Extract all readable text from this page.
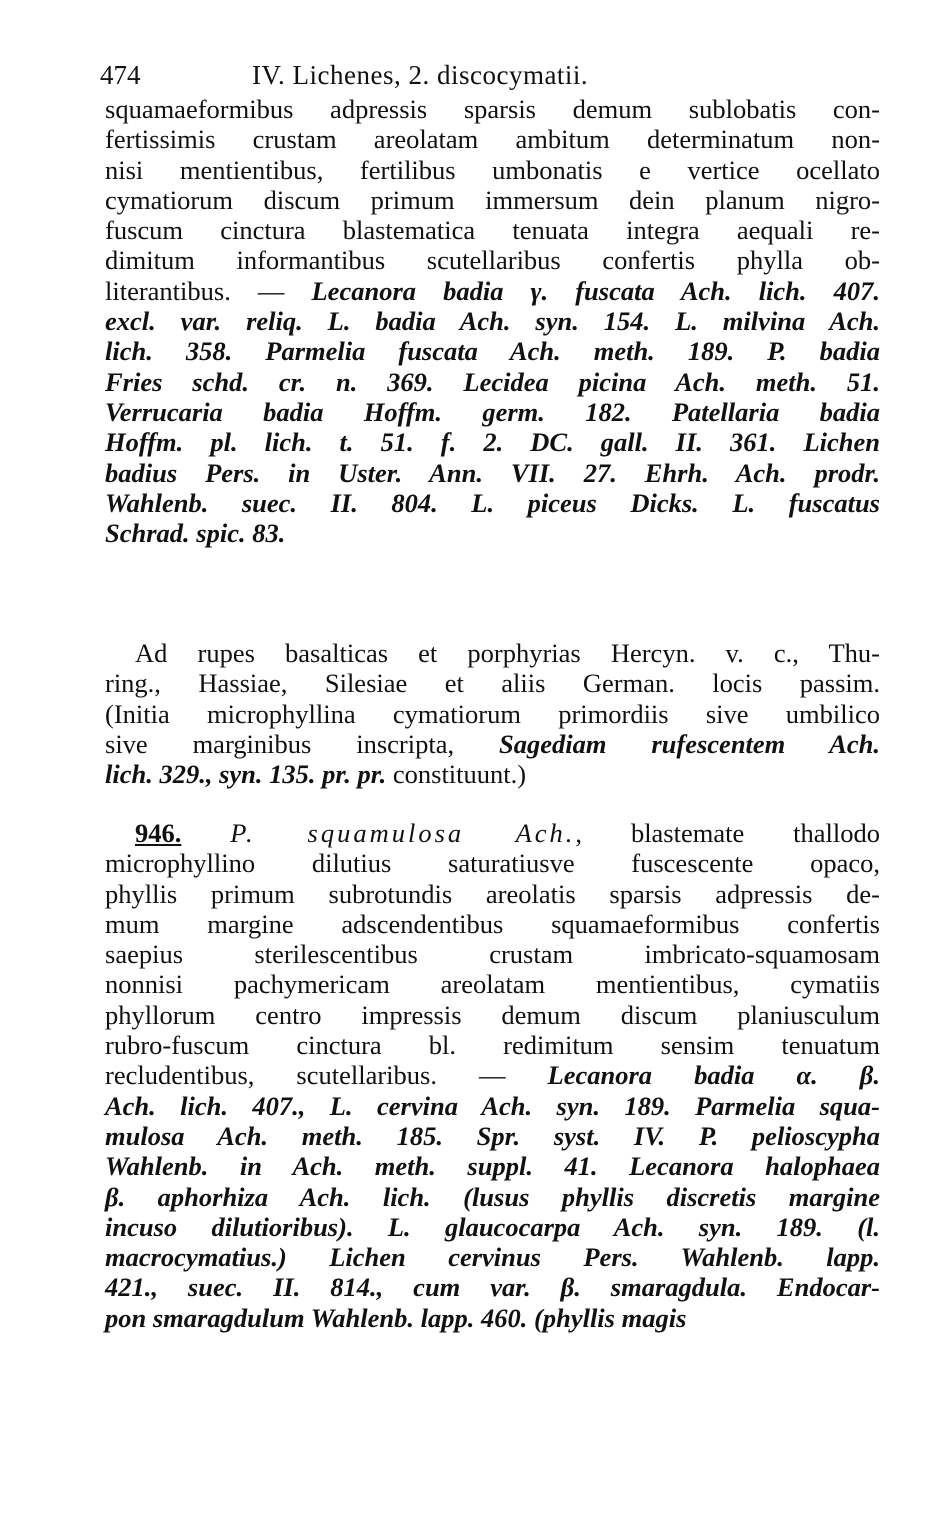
474	IV. Lichenes, 2. discocymatii.
squamaeformibus adpressis sparsis demum sublobatis con-
fertissimis crustam areolatam ambitum determinatum non-
nisi mentientibus, fertilibus umbonatis e vertice ocellato
cymatiorum discum primum immersum dein planum nigro-
fuscum cinctura blastematica tenuata integra aequali re-
dimitum informantibus scutellaribus confertis phylla ob-
literantibus. — Lecanora badia γ. fuscata Ach. lich. 407.
excl. var. reliq. L. badia Ach. syn. 154. L. milvina Ach.
lich. 358. Parmelia fuscata Ach. meth. 189. P. badia
Fries schd. cr. n. 369. Lecidea picina Ach. meth. 51.
Verrucaria badia Hoffm. germ. 182. Patellaria badia
Hoffm. pl. lich. t. 51. f. 2. DC. gall. II. 361. Lichen
badius Pers. in Uster. Ann. VII. 27. Ehrh. Ach. prodr.
Wahlenb. suec. II. 804. L. piceus Dicks. L. fuscatus
Schrad. spic. 83.
Ad rupes basalticas et porphyrias Hercyn. v. c., Thu-
ring., Hassiae, Silesiae et aliis German. locis passim.
(Initia microphyllina cymatiorum primordiis sive umbilico
sive marginibus inscripta, Sagediam rufescentem Ach.
lich. 329., syn. 135. pr. pr. constituunt.)
946. P. squamulosa Ach., blastemate thallodo
microphyllino dilutius saturatiusve fuscescente opaco,
phyllis primum subrotundis areolatis sparsis adpressis de-
mum margine adscendentibus squamaeformibus confertis
saepius sterilescentibus crustam imbricato-squamosam
nonnisi pachymericam areolatam mentientibus, cymatiis
phyllorum centro impressis demum discum planiusculum
rubro-fuscum cinctura bl. redimitum sensim tenuatum
recludentibus, scutellaribus. — Lecanora badia α. β.
Ach. lich. 407., L. cervina Ach. syn. 189. Parmelia squa-
mulosa Ach. meth. 185. Spr. syst. IV. P. pelioscypha
Wahlenb. in Ach. meth. suppl. 41. Lecanora halophaea
β. aphorhiza Ach. lich. (lusus phyllis discretis margine
incuso dilutioribus). L. glaucocarpa Ach. syn. 189. (l.
macrocymatius.) Lichen cervinus Pers. Wahlenb. lapp.
421., suec. II. 814., cum var. β. smaragdula. Endocar-
pon smaragdulum Wahlenb. lapp. 460. (phyllis magis
